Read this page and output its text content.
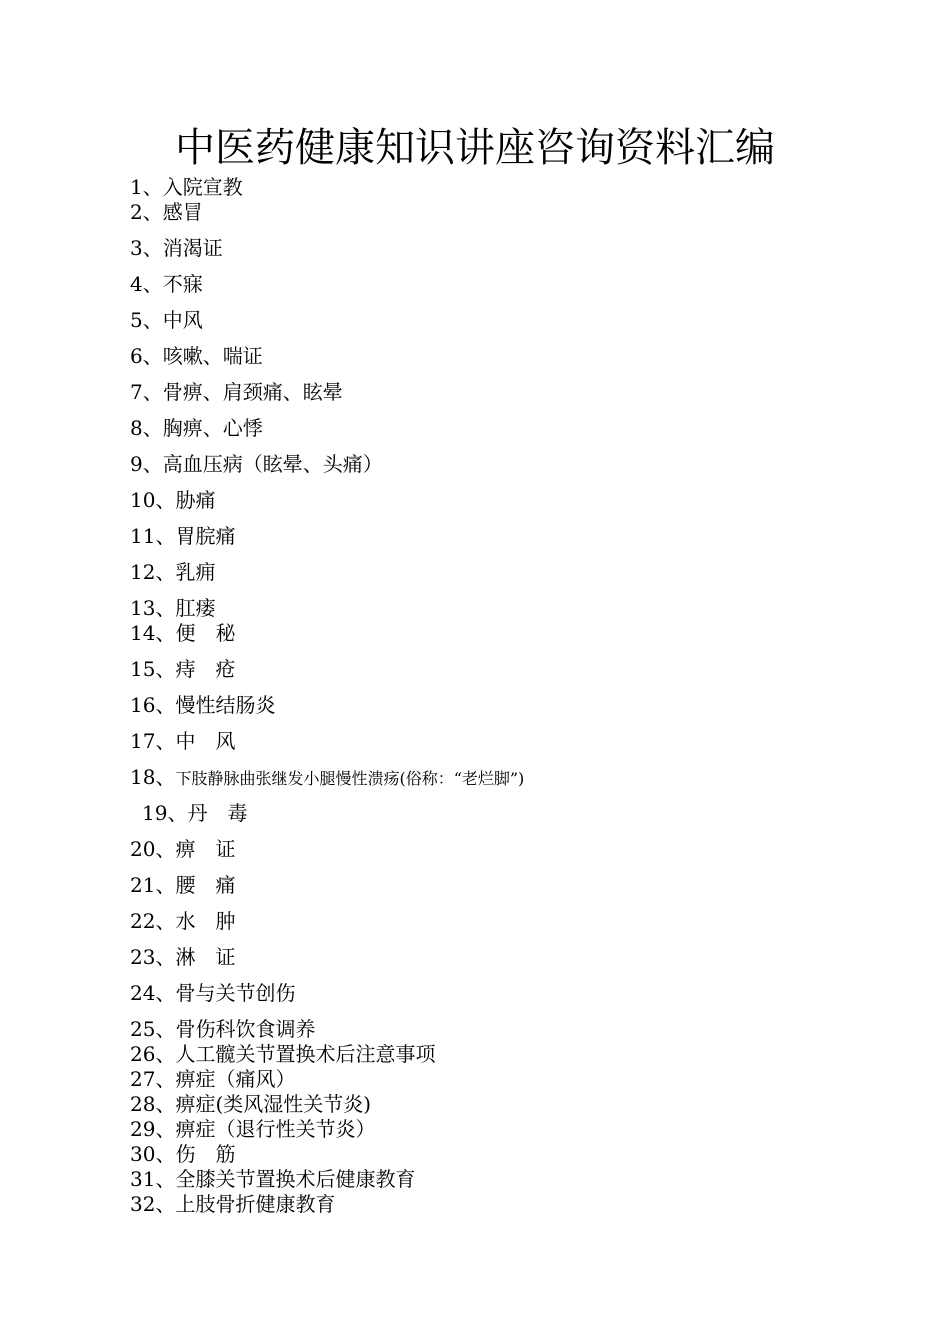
中医药健康知识讲座咨询资料汇编
1、入院宣教
2、感冒
3、消渴证
4、不寐
5、中风
6、咳嗽、喘证
7、骨痹、肩颈痛、眩晕
8、胸痹、心悸
9、高血压病（眩晕、头痛）
10、胁痛
11、胃脘痛
12、乳痈
13、肛瘘
14、便　秘
15、痔　疮
16、慢性结肠炎
17、中　风
18、下肢静脉曲张继发小腿慢性溃疡(俗称：“老烂脚”)
19、丹　毒
20、痹　证
21、腰　痛
22、水　肿
23、淋　证
24、骨与关节创伤
25、骨伤科饮食调养
26、人工髋关节置换术后注意事项
27、痹症（痛风）
28、痹症(类风湿性关节炎)
29、痹症（退行性关节炎）
30、伤　筋
31、全膝关节置换术后健康教育
32、上肢骨折健康教育
